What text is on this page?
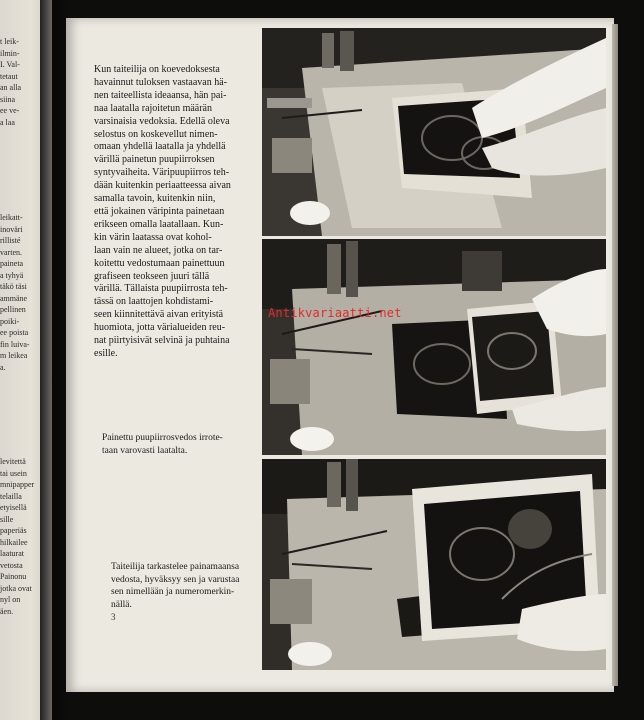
t leik-
ilmin-
I. Val-
tetaut
an alla
siina
ee ve-
a laa
leikatt-
inoväri
rillisté
varten.
paineta
a tyhyä
täkö täsi
ammäne
pellinen
poiki-
ee poista
fin luiva-
m leikea
a.
levitettä
tai usein
mnipapper
telailla
etyisellä
sille
paperiäs
hilkailee
laaturat
vetosta
Painonu
jotka ovat
nyl on
äen.
Kun taiteilija on koevedoksesta
havainnut tuloksen vastaavan hä-
nen taiteellista ideaansa, hän pai-
naa laatalla rajoitetun määrän
varsinaisia vedoksia. Edellä oleva
selostus on koskevellut nimen-
omaan yhdellä laatalla ja yhdellä
värillä painetun puupiirroksen
syntyvaiheita. Väripuupiirros teh-
dään kuitenkin periaatteessa aivan
samalla tavoin, kuitenkin niin,
että jokainen väripinta painetaan
erikseen omalla laatallaan. Kun-
kin värin laatassa ovat kohol-
laan vain ne alueet, jotka on tar-
koitettu vedostumaan painettuun
grafiseen teokseen juuri tällä
värillä. Tällaista puupiirrosta teh-
tässä on laattojen kohdistami-
seen kiinnitettävä aivan erityistä
huomiota, jotta värialueiden reu-
nat piirtyisivät selvinä ja puhtaina
esille.
Antikvariaatti.net
Painettu puupiirrosvedos irrote-
taan varovasti laatalta.
Taiteilija tarkastelee painamaansa
vedosta, hyväksyy sen ja varustaa
sen nimellään ja numeromerkin-
nällä.
3
